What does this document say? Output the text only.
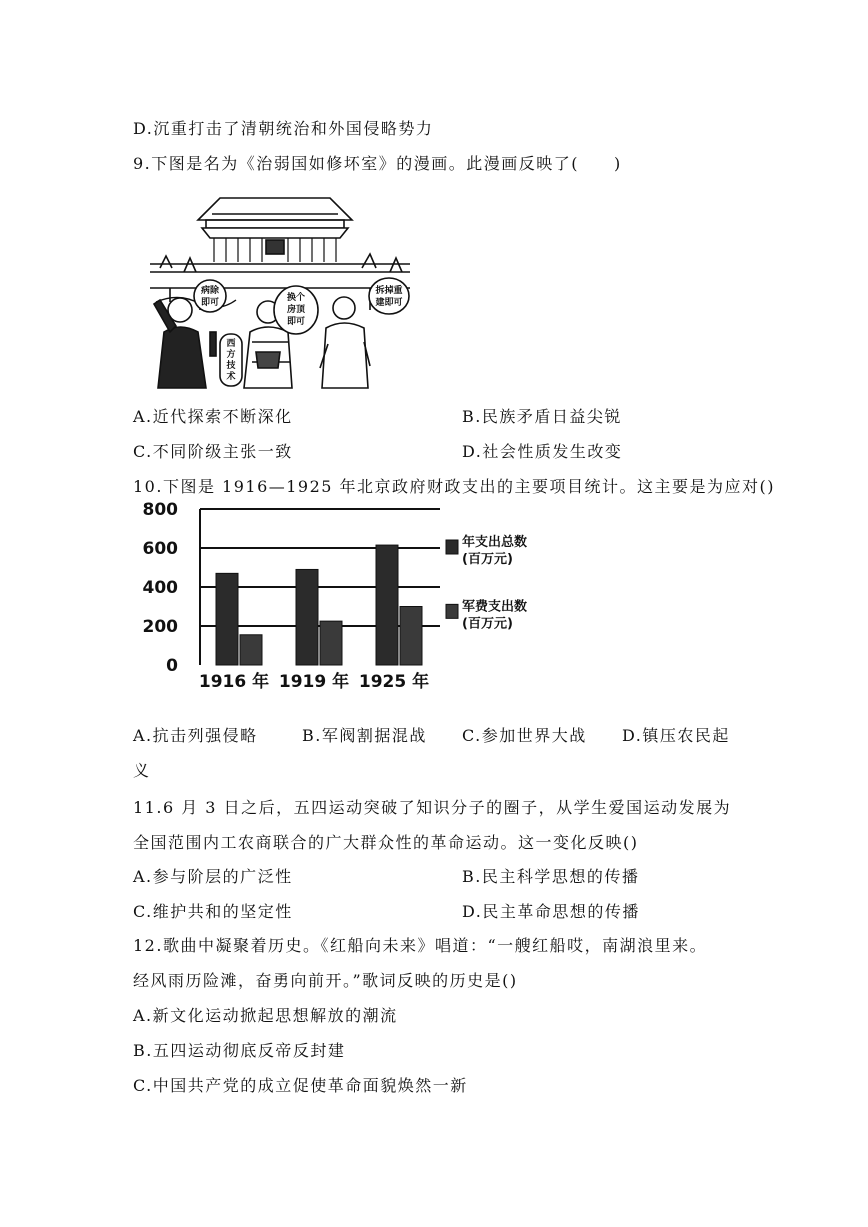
D.沉重打击了清朝统治和外国侵略势力
9.下图是名为《治弱国如修坏室》的漫画。此漫画反映了(　　)
病除
即可	换个
房顶
即可
拆掉重
建即可
西
方
技
术
A.近代探索不断深化	B.民族矛盾日益尖锐
C.不同阶级主张一致	D.社会性质发生改变
10.下图是 1916—1925 年北京政府财政支出的主要项目统计。这主要是为应对()
0
200
400
600
800
1916 年 1919 年 1925 年
年支出总数
(百万元)
军费支出数
(百万元)
A.抗击列强侵略	B.军阀割据混战 C.参加世界大战 D.镇压农民起
义
11.6 月 3 日之后，五四运动突破了知识分子的圈子，从学生爱国运动发展为
全国范围内工农商联合的广大群众性的革命运动。这一变化反映()
A.参与阶层的广泛性	B.民主科学思想的传播
C.维护共和的坚定性	D.民主革命思想的传播
12.歌曲中凝聚着历史。《红船向未来》唱道：“一艘红船哎，南湖浪里来。
经风雨历险滩，奋勇向前开。”歌词反映的历史是()
A.新文化运动掀起思想解放的潮流
B.五四运动彻底反帝反封建
C.中国共产党的成立促使革命面貌焕然一新
